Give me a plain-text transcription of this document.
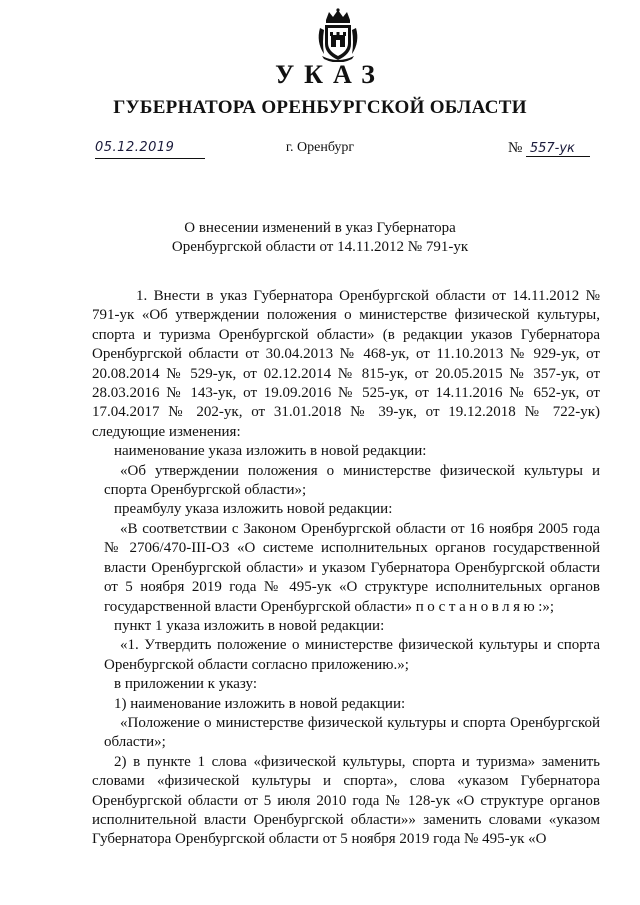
УКАЗ
ГУБЕРНАТОРА ОРЕНБУРГСКОЙ ОБЛАСТИ
05.12.2019	г. Оренбург	№ 557-ук
О внесении изменений в указ Губернатора
Оренбургской области от 14.11.2012 № 791-ук

1. Внести в указ Губернатора Оренбургской области от 14.11.2012 № 791-ук «Об утверждении положения о министерстве физической культуры, спорта и туризма Оренбургской области» (в редакции указов Губернатора Оренбургской области от 30.04.2013 № 468-ук, от 11.10.2013 № 929-ук, от 20.08.2014 № 529-ук, от 02.12.2014 № 815-ук, от 20.05.2015 № 357-ук, от 28.03.2016 № 143-ук, от 19.09.2016 № 525-ук, от 14.11.2016 № 652-ук, от 17.04.2017 № 202-ук, от 31.01.2018 № 39-ук, от 19.12.2018 № 722-ук) следующие изменения:

наименование указа изложить в новой редакции:

«Об утверждении положения о министерстве физической культуры и спорта Оренбургской области»;

преамбулу указа изложить новой редакции:

«В соответствии с Законом Оренбургской области от 16 ноября 2005 года № 2706/470-III-ОЗ «О системе исполнительных органов государственной власти Оренбургской области» и указом Губернатора Оренбургской области от 5 ноября 2019 года № 495-ук «О структуре исполнительных органов государственной власти Оренбургской области» постановляю:»;

пункт 1 указа изложить в новой редакции:

«1. Утвердить положение о министерстве физической культуры и спорта Оренбургской области согласно приложению.»;

в приложении к указу:

1) наименование изложить в новой редакции:

«Положение о министерстве физической культуры и спорта Оренбургской области»;

2) в пункте 1 слова «физической культуры, спорта и туризма» заменить словами «физической культуры и спорта», слова «указом Губернатора Оренбургской области от 5 июля 2010 года № 128-ук «О структуре органов исполнительной власти Оренбургской области»» заменить словами «указом Губернатора Оренбургской области от 5 ноября 2019 года № 495-ук «О
